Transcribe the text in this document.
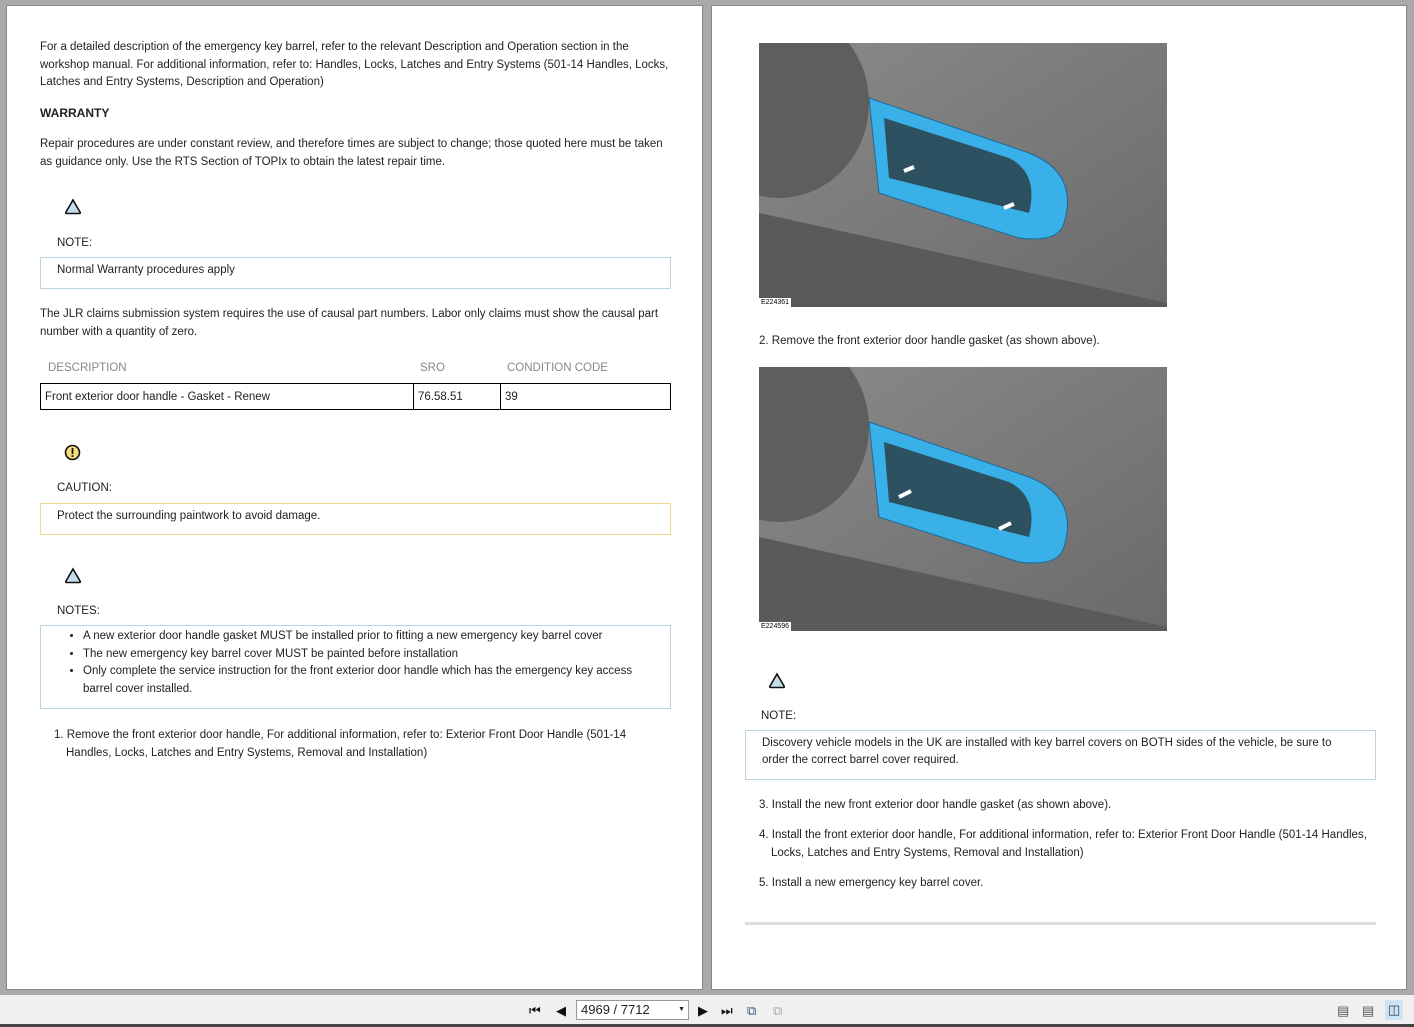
For a detailed description of the emergency key barrel, refer to the relevant Description and Operation section in the workshop manual. For additional information, refer to: Handles, Locks, Latches and Entry Systems (501-14 Handles, Locks, Latches and Entry Systems, Description and Operation)

WARRANTY

Repair procedures are under constant review, and therefore times are subject to change; those quoted here must be taken as guidance only. Use the RTS Section of TOPIx to obtain the latest repair time.

NOTE:
Normal Warranty procedures apply

The JLR claims submission system requires the use of causal part numbers. Labor only claims must show the causal part number with a quantity of zero.

DESCRIPTION	SRO	CONDITION CODE
Front exterior door handle - Gasket - Renew	76.58.51	39
CAUTION:
Protect the surrounding paintwork to avoid damage.
NOTES:
• A new exterior door handle gasket MUST be installed prior to fitting a new emergency key barrel cover
• The new emergency key barrel cover MUST be painted before installation
• Only complete the service instruction for the front exterior door handle which has the emergency key access barrel cover installed.

1. Remove the front exterior door handle, For additional information, refer to: Exterior Front Door Handle (501-14 Handles, Locks, Latches and Entry Systems, Removal and Installation)

E224361

2. Remove the front exterior door handle gasket (as shown above).

E224596
NOTE:
Discovery vehicle models in the UK are installed with key barrel covers on BOTH sides of the vehicle, be sure to order the correct barrel cover required.

3. Install the new front exterior door handle gasket (as shown above).

4. Install the front exterior door handle, For additional information, refer to: Exterior Front Door Handle (501-14 Handles, Locks, Latches and Entry Systems, Removal and Installation)

5. Install a new emergency key barrel cover.

⏮ ◀	4969 / 7712	▼ ▶ ⏭ ⧉ ⧉	▤ ▤ ◫
